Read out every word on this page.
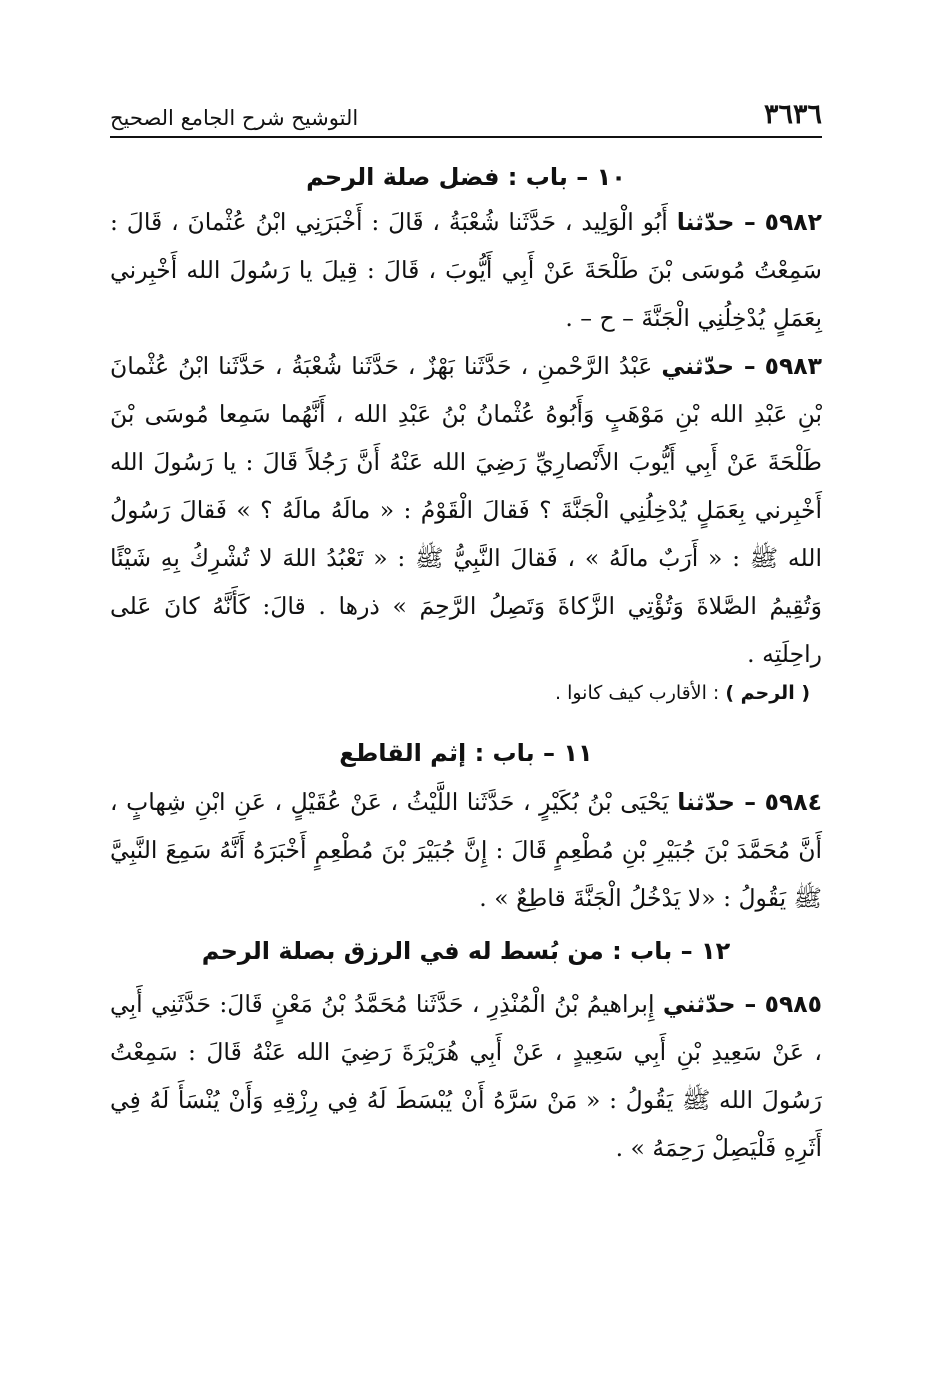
٣٦٣٦
التوشيح شرح الجامع الصحيح
١٠ – باب : فضل صلة الرحم

٥٩٨٢ – حدّثنا أَبُو الْوَلِيد ، حَدَّثَنا شُعْبَةُ ، قَالَ : أَخْبَرَنِي ابْنُ عُثْمانَ ، قَالَ : سَمِعْتُ مُوسَى بْنَ طَلْحَةَ عَنْ أَبِي أَيُّوبَ ، قَالَ : قِيلَ يا رَسُولَ الله أَخْبِرني بِعَمَلٍ يُدْخِلُنِي الْجَنَّةَ – ح – .

٥٩٨٣ – حدّثني عَبْدُ الرَّحْمنِ ، حَدَّثَنا بَهْزٌ ، حَدَّثَنا شُعْبَةُ ، حَدَّثَنا ابْنُ عُثْمانَ بْنِ عَبْدِ الله بْنِ مَوْهَبٍ وَأَبُوهُ عُثْمانُ بْنُ عَبْدِ الله ، أَنَّهُما سَمِعا مُوسَى بْنَ طَلْحَةَ عَنْ أَبِي أَيُّوبَ الأَنْصارِيِّ رَضِيَ الله عَنْهُ أَنَّ رَجُلاً قَالَ : يا رَسُولَ الله أَخْبِرني بِعَمَلٍ يُدْخِلُنِي الْجَنَّةَ ؟ فَقالَ الْقَوْمُ : « مالَهُ مالَهُ ؟ » فَقالَ رَسُولُ الله ﷺ : « أَرَبٌ مالَهُ » ، فَقالَ النَّبِيُّ ﷺ : « تَعْبُدُ اللهَ لا تُشْرِكُ بِهِ شَيْئًا وَتُقِيمُ الصَّلاةَ وَتُؤْتِي الزَّكاةَ وَتَصِلُ الرَّحِمَ » ذرها . قالَ: كَأَنَّهُ كانَ عَلى راحِلَتِه .

( الرحم ) : الأقارب كيف كانوا .

١١ – باب : إثم القاطع

٥٩٨٤ – حدّثنا يَحْيَى بْنُ بُكَيْرٍ ، حَدَّثَنا اللَّيْثُ ، عَنْ عُقَيْلٍ ، عَنِ ابْنِ شِهابٍ ، أَنَّ مُحَمَّدَ بْنَ جُبَيْرِ بْنِ مُطْعِمٍ قَالَ : إِنَّ جُبَيْرَ بْنَ مُطْعِمٍ أَخْبَرَهُ أَنَّهُ سَمِعَ النَّبِيَّ ﷺ يَقُولُ : «لا يَدْخُلُ الْجَنَّةَ قاطِعٌ » .

١٢ – باب : من بُسط له في الرزق بصلة الرحم

٥٩٨٥ – حدّثني إِبراهيمُ بْنُ الْمُنْذِرِ ، حَدَّثَنا مُحَمَّدُ بْنُ مَعْنٍ قَالَ: حَدَّثَنِي أَبِي ، عَنْ سَعِيدِ بْنِ أَبِي سَعِيدٍ ، عَنْ أَبِي هُرَيْرَةَ رَضِيَ الله عَنْهُ قَالَ : سَمِعْتُ رَسُولَ الله ﷺ يَقُولُ : « مَنْ سَرَّهُ أَنْ يُبْسَطَ لَهُ فِي رِزْقِهِ وَأَنْ يُنْسَأَ لَهُ فِي أَثَرِهِ فَلْيَصِلْ رَحِمَهُ » .
